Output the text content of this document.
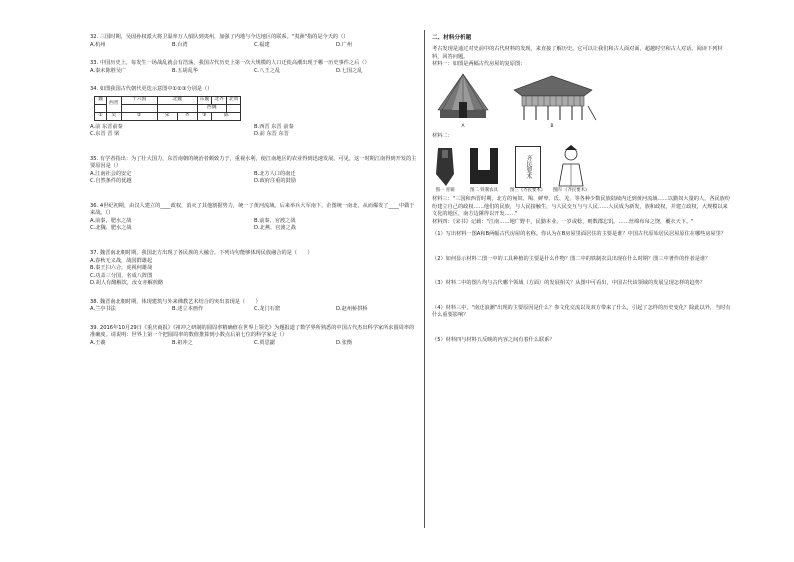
32. 三国时期，吴国孙权派大将卫温率万人船队到夷州，加强了内地与今达地区的联系。"夷洲"指的是今天的（）
A.杭州	B.台湾	C.福建	D.广州
33. 中国历史上，每发生一场战乱就会有浩荡，我国古代历史上第一次大规模的人口迁徙高潮出现于哪一历史事件之后（）
A.秦末陈胜吴广	B.五胡乱华	C.八王之乱	D.七国之乱
34. 如图我国古代朝代更迭示意图中①②③分别是（）
魏	西晋	十六国	北魏		东魏	北齐	北周
					西魏		
①	吴	②	宋	齐	③	陈	
A.前 东晋前秦	B.西晋 东晋 前秦
C.东晋 晋 梁	D.前 东晋 东晋
35. 有学者指出：为了壮大国力，东晋南朝的统治者颇致力于，重视水利，使江南地区的农业得到迅速发展。可见，这一时期江南得到开发的主要原因是（）
A.江南社会的安定	B.北方人口的南迁
C.自然条件的优越	D.政府注重的鼓励
36. 4世纪初期，由汉人建立的____政权，消灭了其他割据势力，统一了黄河流域。后来举兵大军南下，企图统一南北，从而爆发了____中做于来战。（）
A.前秦、肥水之战	B.前秦、官渡之战
C.北魏、肥水之战	D.北燕、官渡之战
37. 魏晋南北朝时期，我国北方出现了各民族的大融合。下列诗句能够体现民族融合的是（　　）
A.春秋无义战，战国群雄起
B.秦王扫六合，虎视何雄哉
C.功盖三分国，名成八阵图
D.胡人有酪解饮，汝女亦解煎酪
38. 魏晋南北朝时期，体现建筑与外来佛教艺术结合的突出表现是（　　）
A.兰亭书法	B.述立本画作	C.龙门石窟	D.赵州桥拱桥
39. 2016年10月29日《重庆商报》《祖冲之研制的圆周率精确值在世界上领先》为题报道了数学界所熟悉的中国古代杰出科学家所求圆周率的准确度。请说明：世界上第一个把圆周率的数值推算到小数点后第七位的科学家是（）
A.王羲	B.祖冲之	C.贾思勰	D.张衡
二、材料分析题
考古发现是通过对史前中的古代材料的发现，来直接了解历史。它可以让我们和古人面对面，超越时空和古人对话。阅读下列材料，回答问题。
材料一：如图是两幅古代房屋的复原图：
A	B
材料二：
图一 青铜	图二 铁制农具
齐民要术
图三《齐民要术》 图四 《齐民要术》
材料三："三国和西晋时期，北方的匈奴、羯、鲜卑、氐、羌，等各种少数民族陆续内迁到黄河流域……以勤奴大量的人，各民族纷纷建立自己的政权……他们的民族，与人民接触生，与人民交互与与人民……人民成为新发，族和政权，并建立政权，大规模以来文化的地区，南方边陲得以开发……"
材料四：《宋书》记载："江南……地广野丰，民勤本业，一岁或稔，则数郡忘饥。……丝绵布帛之饶，覆衣天下。"
（1）写出材料一图A和B两幅古代房屋的名称。你认为在B房屋里面居住的主要是谁？中国古代原始居民居屋原住在哪些房屋里？
（2）如何显示材料二图一中的工具种植的主要是什么作物？图二中的铁制农具出现在什么时期？图三中著作的作者是谁？
（3）材料二中的图片均与古代哪个领域（方面）的发展相关？从图中可看出，中国古代该领域的发展呈现怎样的趋势？
（4）材料三中，"南迁浪潮"出现的主要原因是什么？参文化交流以及双方带来了什么，引起了怎样的历史变化？除此以外，当时有什么重要影响？
（5）材料四与材料五反映的内容之间有着什么联系？
